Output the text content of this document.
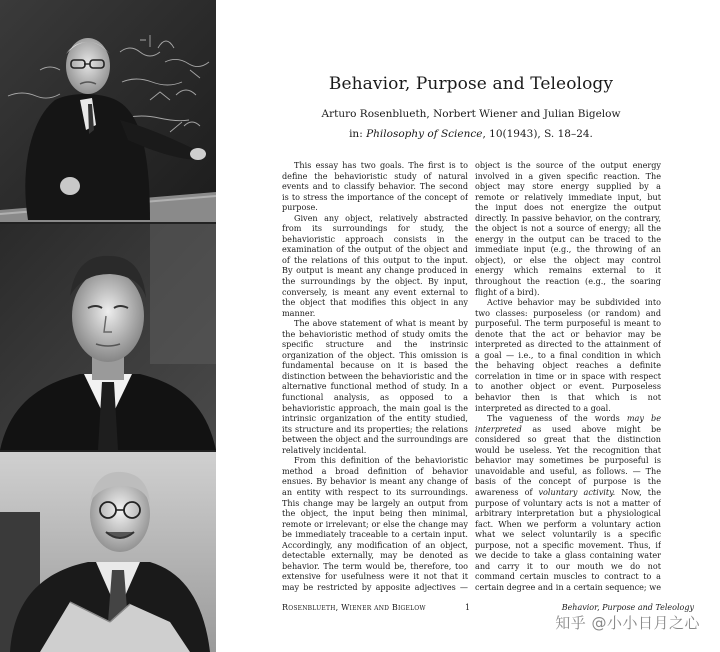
Behavior, Purpose and Teleology
Arturo Rosenblueth, Norbert Wiener and Julian Bigelow
in: Philosophy of Science, 10(1943), S. 18–24.

This essay has two goals. The first is to define the behavioristic study of natural events and to classify behavior. The second is to stress the importance of the concept of purpose.

Given any object, relatively abstracted from its surroundings for study, the behavioristic approach consists in the examination of the output of the object and of the relations of this output to the input. By output is meant any change produced in the surroundings by the object. By input, conversely, is meant any event external to the object that modifies this object in any manner.

The above statement of what is meant by the behavioristic method of study omits the specific structure and the instrinsic organization of the object. This omission is fundamental because on it is based the distinction between the behavioristic and the alternative functional method of study. In a functional analysis, as opposed to a behavioristic approach, the main goal is the intrinsic organization of the entity studied, its structure and its properties; the relations between the object and the surroundings are relatively incidental.

From this definition of the behavioristic method a broad definition of behavior ensues. By behavior is meant any change of an entity with respect to its surroundings. This change may be largely an output from the object, the input being then minimal, remote or irrelevant; or else the change may be immediately traceable to a certain input. Accordingly, any modification of an object, detectable externally, may be denoted as behavior. The term would be, therefore, too extensive for usefulness were it not that it may be restricted by apposite adjectives —

object is the source of the output energy involved in a given specific reaction. The object may store energy supplied by a remote or relatively immediate input, but the input does not energize the output directly. In passive behavior, on the contrary, the object is not a source of energy; all the energy in the output can be traced to the immediate input (e.g., the throwing of an object), or else the object may control energy which remains external to it throughout the reaction (e.g., the soaring flight of a bird).

Active behavior may be subdivided into two classes: purposeless (or random) and purposeful. The term purposeful is meant to denote that the act or behavior may be interpreted as directed to the attainment of a goal — i.e., to a final condition in which the behaving object reaches a definite correlation in time or in space with respect to another object or event. Purposeless behavior then is that which is not interpreted as directed to a goal.

The vagueness of the words may be interpreted as used above might be considered so great that the distinction would be useless. Yet the recognition that behavior may sometimes be purposeful is unavoidable and useful, as follows. — The basis of the concept of purpose is the awareness of voluntary activity. Now, the purpose of voluntary acts is not a matter of arbitrary interpretation but a physiological fact. When we perform a voluntary action what we select voluntarily is a specific purpose, not a specific movement. Thus, if we decide to take a glass containing water and carry it to our mouth we do not command certain muscles to contract to a certain degree and in a certain sequence; we

Rosenblueth, Wiener and Bigelow	1	Behavior, Purpose and Teleology
知乎 @小小日月之心
